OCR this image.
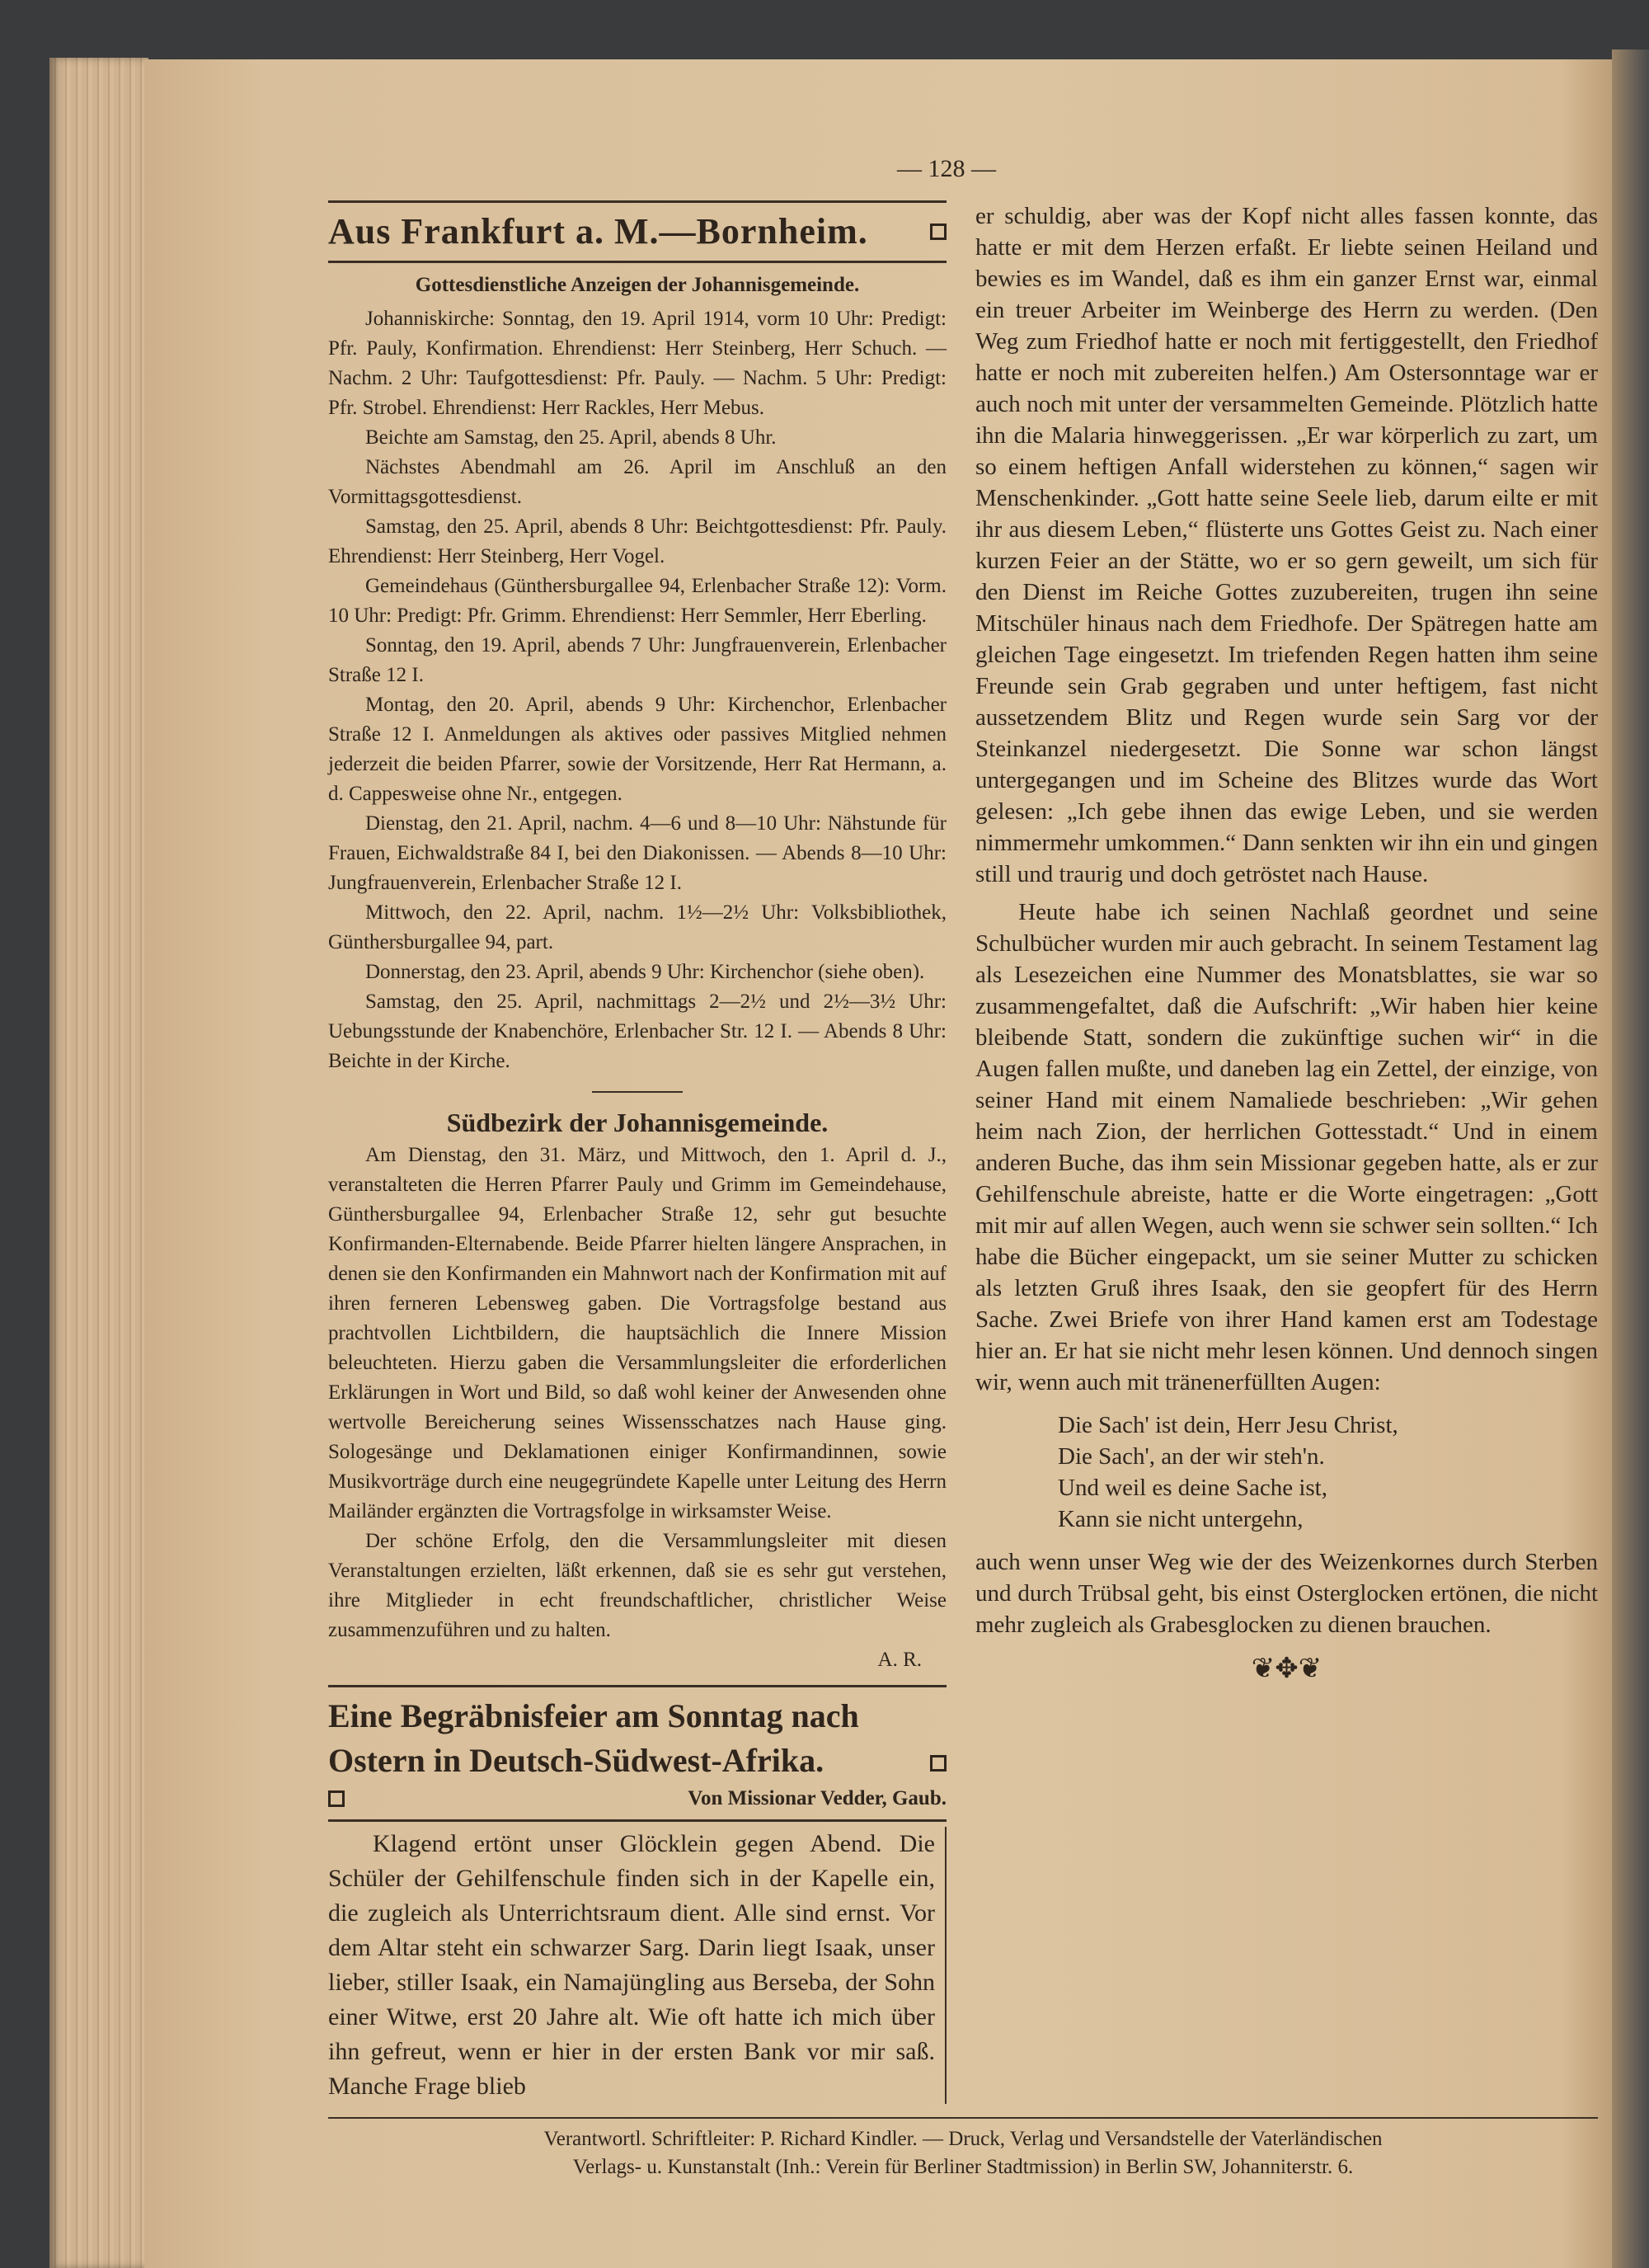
— 128 —
Aus Frankfurt a. M.—Bornheim.

Gottesdienstliche Anzeigen der Johannisgemeinde.

Johanniskirche: Sonntag, den 19. April 1914, vorm 10 Uhr: Predigt: Pfr. Pauly, Konfirmation. Ehrendienst: Herr Steinberg, Herr Schuch. — Nachm. 2 Uhr: Taufgottesdienst: Pfr. Pauly. — Nachm. 5 Uhr: Predigt: Pfr. Strobel. Ehrendienst: Herr Rackles, Herr Mebus.

Beichte am Samstag, den 25. April, abends 8 Uhr.

Nächstes Abendmahl am 26. April im Anschluß an den Vormittagsgottesdienst.

Samstag, den 25. April, abends 8 Uhr: Beichtgottesdienst: Pfr. Pauly. Ehrendienst: Herr Steinberg, Herr Vogel.

Gemeindehaus (Günthersburgallee 94, Erlenbacher Straße 12): Vorm. 10 Uhr: Predigt: Pfr. Grimm. Ehrendienst: Herr Semmler, Herr Eberling.

Sonntag, den 19. April, abends 7 Uhr: Jungfrauenverein, Erlenbacher Straße 12 I.

Montag, den 20. April, abends 9 Uhr: Kirchenchor, Erlenbacher Straße 12 I. Anmeldungen als aktives oder passives Mitglied nehmen jederzeit die beiden Pfarrer, sowie der Vorsitzende, Herr Rat Hermann, a. d. Cappesweise ohne Nr., entgegen.

Dienstag, den 21. April, nachm. 4—6 und 8—10 Uhr: Nähstunde für Frauen, Eichwaldstraße 84 I, bei den Diakonissen. — Abends 8—10 Uhr: Jungfrauenverein, Erlenbacher Straße 12 I.

Mittwoch, den 22. April, nachm. 1½—2½ Uhr: Volksbibliothek, Günthersburgallee 94, part.

Donnerstag, den 23. April, abends 9 Uhr: Kirchenchor (siehe oben).

Samstag, den 25. April, nachmittags 2—2½ und 2½—3½ Uhr: Uebungsstunde der Knabenchöre, Erlenbacher Str. 12 I. — Abends 8 Uhr: Beichte in der Kirche.

Südbezirk der Johannisgemeinde.

Am Dienstag, den 31. März, und Mittwoch, den 1. April d. J., veranstalteten die Herren Pfarrer Pauly und Grimm im Gemeindehause, Günthersburgallee 94, Erlenbacher Straße 12, sehr gut besuchte Konfirmanden-Elternabende. Beide Pfarrer hielten längere Ansprachen, in denen sie den Konfirmanden ein Mahnwort nach der Konfirmation mit auf ihren ferneren Lebensweg gaben. Die Vortragsfolge bestand aus prachtvollen Lichtbildern, die hauptsächlich die Innere Mission beleuchteten. Hierzu gaben die Versammlungsleiter die erforderlichen Erklärungen in Wort und Bild, so daß wohl keiner der Anwesenden ohne wertvolle Bereicherung seines Wissensschatzes nach Hause ging. Sologesänge und Deklamationen einiger Konfirmandinnen, sowie Musikvorträge durch eine neugegründete Kapelle unter Leitung des Herrn Mailänder ergänzten die Vortragsfolge in wirksamster Weise.

Der schöne Erfolg, den die Versammlungsleiter mit diesen Veranstaltungen erzielten, läßt erkennen, daß sie es sehr gut verstehen, ihre Mitglieder in echt freundschaftlicher, christlicher Weise zusammenzuführen und zu halten.

A. R.

Eine Begräbnisfeier am Sonntag nach Ostern in Deutsch-Südwest-Afrika.
Von Missionar Vedder, Gaub.

Klagend ertönt unser Glöcklein gegen Abend. Die Schüler der Gehilfenschule finden sich in der Kapelle ein, die zugleich als Unterrichtsraum dient. Alle sind ernst. Vor dem Altar steht ein schwarzer Sarg. Darin liegt Isaak, unser lieber, stiller Isaak, ein Namajüngling aus Berseba, der Sohn einer Witwe, erst 20 Jahre alt. Wie oft hatte ich mich über ihn gefreut, wenn er hier in der ersten Bank vor mir saß. Manche Frage blieb

er schuldig, aber was der Kopf nicht alles fassen konnte, das hatte er mit dem Herzen erfaßt. Er liebte seinen Heiland und bewies es im Wandel, daß es ihm ein ganzer Ernst war, einmal ein treuer Arbeiter im Weinberge des Herrn zu werden. (Den Weg zum Friedhof hatte er noch mit fertiggestellt, den Friedhof hatte er noch mit zubereiten helfen.) Am Ostersonntage war er auch noch mit unter der versammelten Gemeinde. Plötzlich hatte ihn die Malaria hinweggerissen. „Er war körperlich zu zart, um so einem heftigen Anfall widerstehen zu können,“ sagen wir Menschenkinder. „Gott hatte seine Seele lieb, darum eilte er mit ihr aus diesem Leben,“ flüsterte uns Gottes Geist zu. Nach einer kurzen Feier an der Stätte, wo er so gern geweilt, um sich für den Dienst im Reiche Gottes zuzubereiten, trugen ihn seine Mitschüler hinaus nach dem Friedhofe. Der Spätregen hatte am gleichen Tage eingesetzt. Im triefenden Regen hatten ihm seine Freunde sein Grab gegraben und unter heftigem, fast nicht aussetzendem Blitz und Regen wurde sein Sarg vor der Steinkanzel niedergesetzt. Die Sonne war schon längst untergegangen und im Scheine des Blitzes wurde das Wort gelesen: „Ich gebe ihnen das ewige Leben, und sie werden nimmermehr umkommen.“ Dann senkten wir ihn ein und gingen still und traurig und doch getröstet nach Hause.

Heute habe ich seinen Nachlaß geordnet und seine Schulbücher wurden mir auch gebracht. In seinem Testament lag als Lesezeichen eine Nummer des Monatsblattes, sie war so zusammengefaltet, daß die Aufschrift: „Wir haben hier keine bleibende Statt, sondern die zukünftige suchen wir“ in die Augen fallen mußte, und daneben lag ein Zettel, der einzige, von seiner Hand mit einem Namaliede beschrieben: „Wir gehen heim nach Zion, der herrlichen Gottesstadt.“ Und in einem anderen Buche, das ihm sein Missionar gegeben hatte, als er zur Gehilfenschule abreiste, hatte er die Worte eingetragen: „Gott mit mir auf allen Wegen, auch wenn sie schwer sein sollten.“ Ich habe die Bücher eingepackt, um sie seiner Mutter zu schicken als letzten Gruß ihres Isaak, den sie geopfert für des Herrn Sache. Zwei Briefe von ihrer Hand kamen erst am Todestage hier an. Er hat sie nicht mehr lesen können. Und dennoch singen wir, wenn auch mit tränenerfüllten Augen:

Die Sach' ist dein, Herr Jesu Christ,
Die Sach', an der wir steh'n.
Und weil es deine Sache ist,
Kann sie nicht untergehn,

auch wenn unser Weg wie der des Weizenkornes durch Sterben und durch Trübsal geht, bis einst Osterglocken ertönen, die nicht mehr zugleich als Grabesglocken zu dienen brauchen.

❦✥❦
Verantwortl. Schriftleiter: P. Richard Kindler. — Druck, Verlag und Versandstelle der Vaterländischen
Verlags- u. Kunstanstalt (Inh.: Verein für Berliner Stadtmission) in Berlin SW, Johanniterstr. 6.
